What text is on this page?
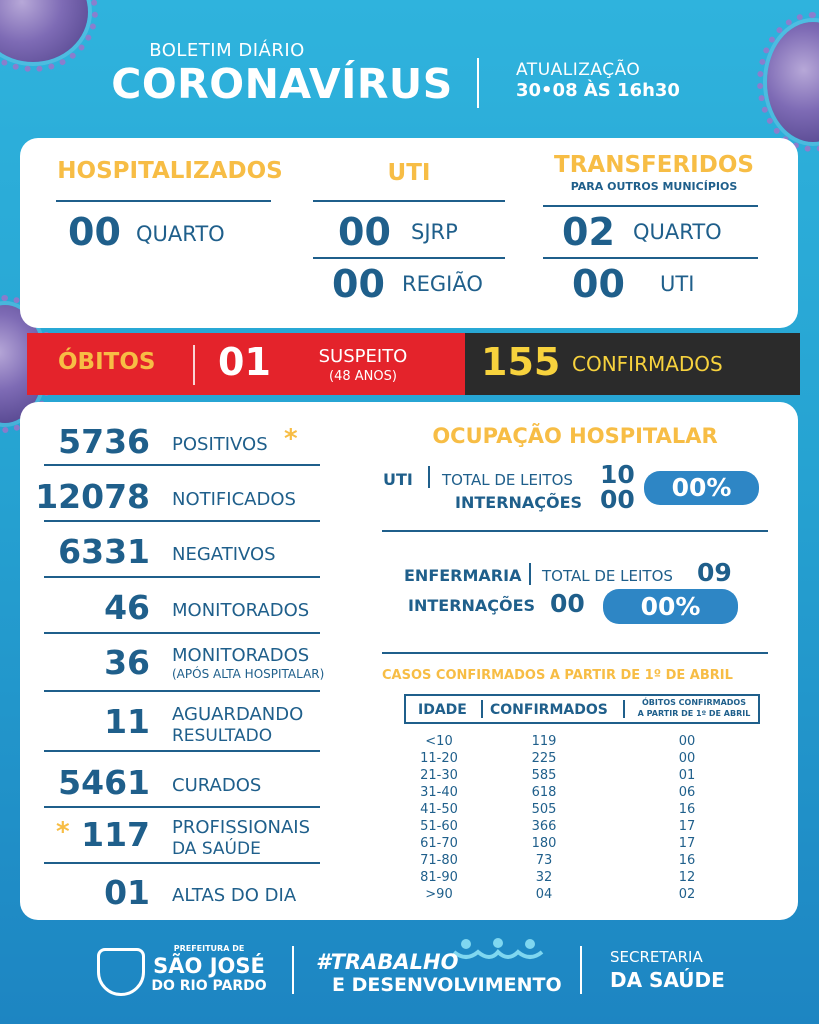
BOLETIM DIÁRIO
CORONAVÍRUS	ATUALIZAÇÃO
30•08 ÀS 16h30
HOSPITALIZADOS
00 QUARTO
UTI
00 SJRP
00 REGIÃO
TRANSFERIDOS
PARA OUTROS MUNICÍPIOS
02 QUARTO
00 UTI
ÓBITOS 01	SUSPEITO
(48 ANOS)	155 CONFIRMADOS
5736 POSITIVOS *
12078 NOTIFICADOS
6331 NEGATIVOS
46 MONITORADOS
36 MONITORADOS
(APÓS ALTA HOSPITALAR)
11 AGUARDANDO
RESULTADO
5461 CURADOS
117 PROFISSIONAIS
DA SAÚDE
*
01 ALTAS DO DIA
OCUPAÇÃO HOSPITALAR
UTI TOTAL DE LEITOS 10
INTERNAÇÕES 00	00%
ENFERMARIA TOTAL DE LEITOS 09
INTERNAÇÕES 00	00%
CASOS CONFIRMADOS A PARTIR DE 1º DE ABRIL
IDADE CONFIRMADOS	ÓBITOS CONFIRMADOS
A PARTIR DE 1º DE ABRIL
<10	119	00
11-20	225	00
21-30	585	01
31-40	618	06
41-50	505	16
51-60	366	17
61-70	180	17
71-80	73	16
81-90	32	12
>90	04	02
PREFEITURA DE
SÃO JOSÉ
DO RIO PARDO
#TRABALHO
E DESENVOLVIMENTO
SECRETARIA
DA SAÚDE
